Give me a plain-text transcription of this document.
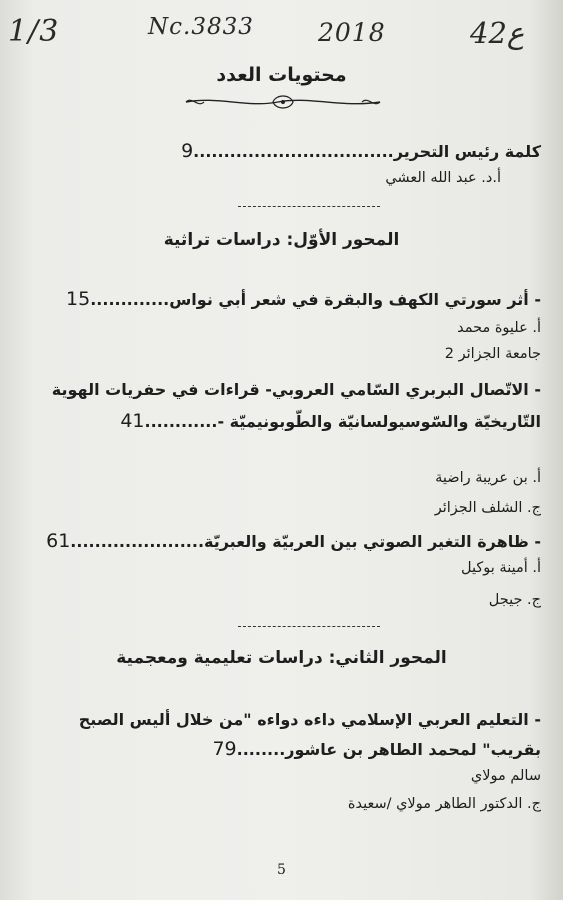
1/3	Nc.3833	2018	42ع
محتويات العدد
كلمة رئيس التحرير.................................9
أ.د. عبد الله العشي
المحور الأوّل: دراسات تراثية
- أثر سورتي الكهف والبقرة في شعر أبي نواس.............15
أ. عليوة محمد
جامعة الجزائر 2
- الاتّصال البربري السّامي العروبي- قراءات في حفريات الهوية
التّاريخيّة والسّوسيولسانيّة والطّوبونيميّة -............41
أ. بن عريبة راضية
ج. الشلف الجزائر
- ظاهرة التغير الصوتي بين العربيّة والعبريّة......................61
أ. أمينة بوكيل
ج. جيجل
المحور الثاني: دراسات تعليمية ومعجمية
- التعليم العربي الإسلامي داءه دواءه "من خلال أليس الصبح
بقريب" لمحمد الطاهر بن عاشور........79
سالم مولاي
ج. الدكتور الطاهر مولاي /سعيدة
5
